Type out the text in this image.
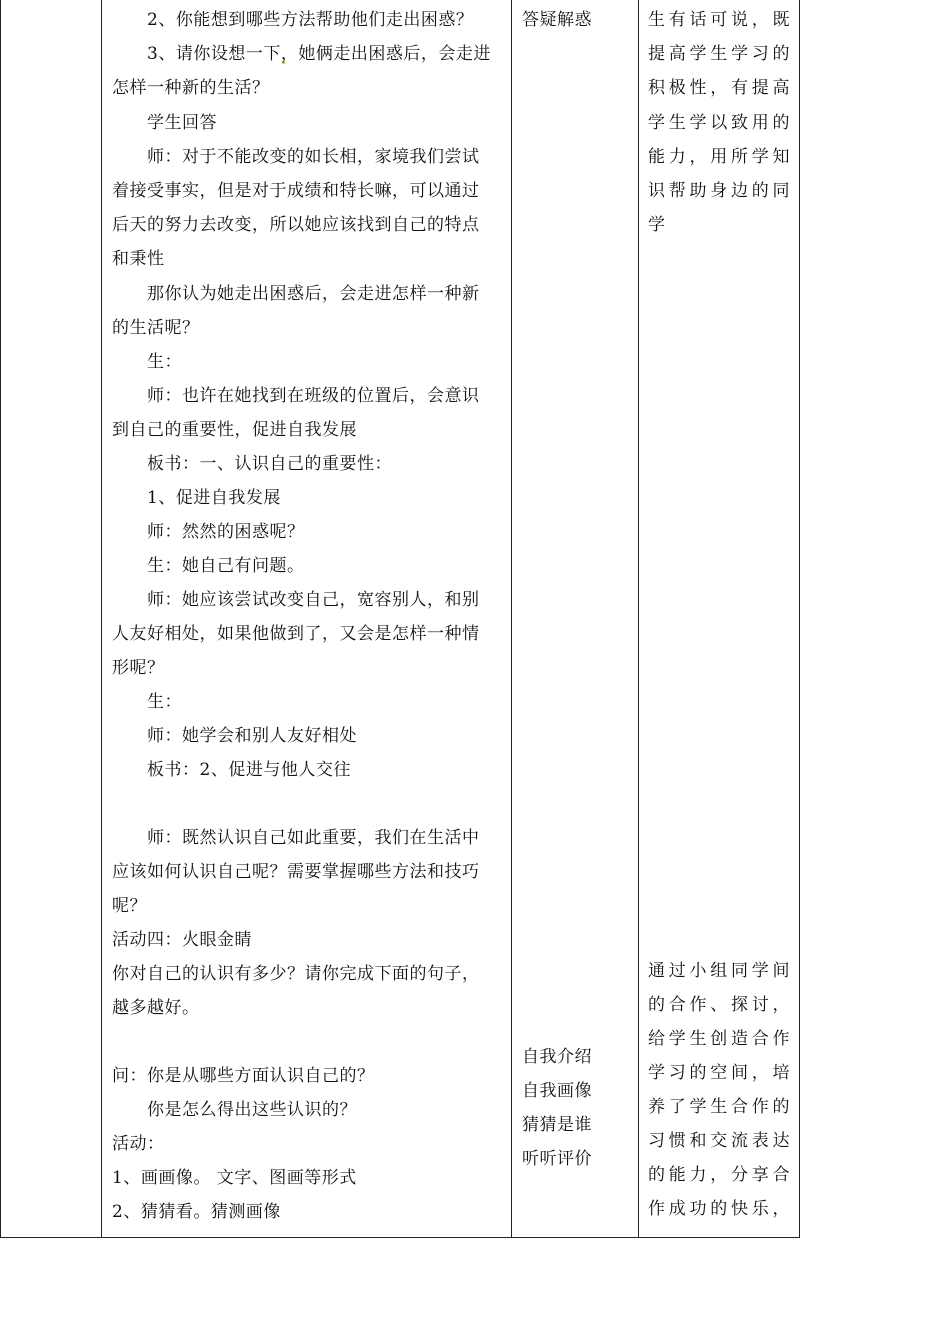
2、你能想到哪些方法帮助他们走出困惑？
3、请你设想一下，她俩走出困惑后，会走进
怎样一种新的生活？
学生回答
师：对于不能改变的如长相，家境我们尝试
着接受事实，但是对于成绩和特长嘛，可以通过
后天的努力去改变，所以她应该找到自己的特点
和秉性
那你认为她走出困惑后，会走进怎样一种新
的生活呢？
生：
师：也许在她找到在班级的位置后，会意识
到自己的重要性，促进自我发展
板书：一、认识自己的重要性：
1、促进自我发展
师：然然的困惑呢？
生：她自己有问题。
师：她应该尝试改变自己，宽容别人，和别
人友好相处，如果他做到了，又会是怎样一种情
形呢？
生：
师：她学会和别人友好相处
板书：2、促进与他人交往
师：既然认识自己如此重要，我们在生活中
应该如何认识自己呢？需要掌握哪些方法和技巧
呢？
活动四：火眼金睛
你对自己的认识有多少？请你完成下面的句子，
越多越好。
问：你是从哪些方面认识自己的？
你是怎么得出这些认识的？
活动：
1、画画像。 文字、图画等形式
2、猜猜看。猜测画像
答疑解惑
自我介绍
自我画像
猜猜是谁
听听评价
生有话可说，既
提高学生学习的
积极性，有提高
学生学以致用的
能力，用所学知
识帮助身边的同
学
通过小组同学间
的合作、探讨，
给学生创造合作
学习的空间，培
养了学生合作的
习惯和交流表达
的能力，分享合
作成功的快乐，
